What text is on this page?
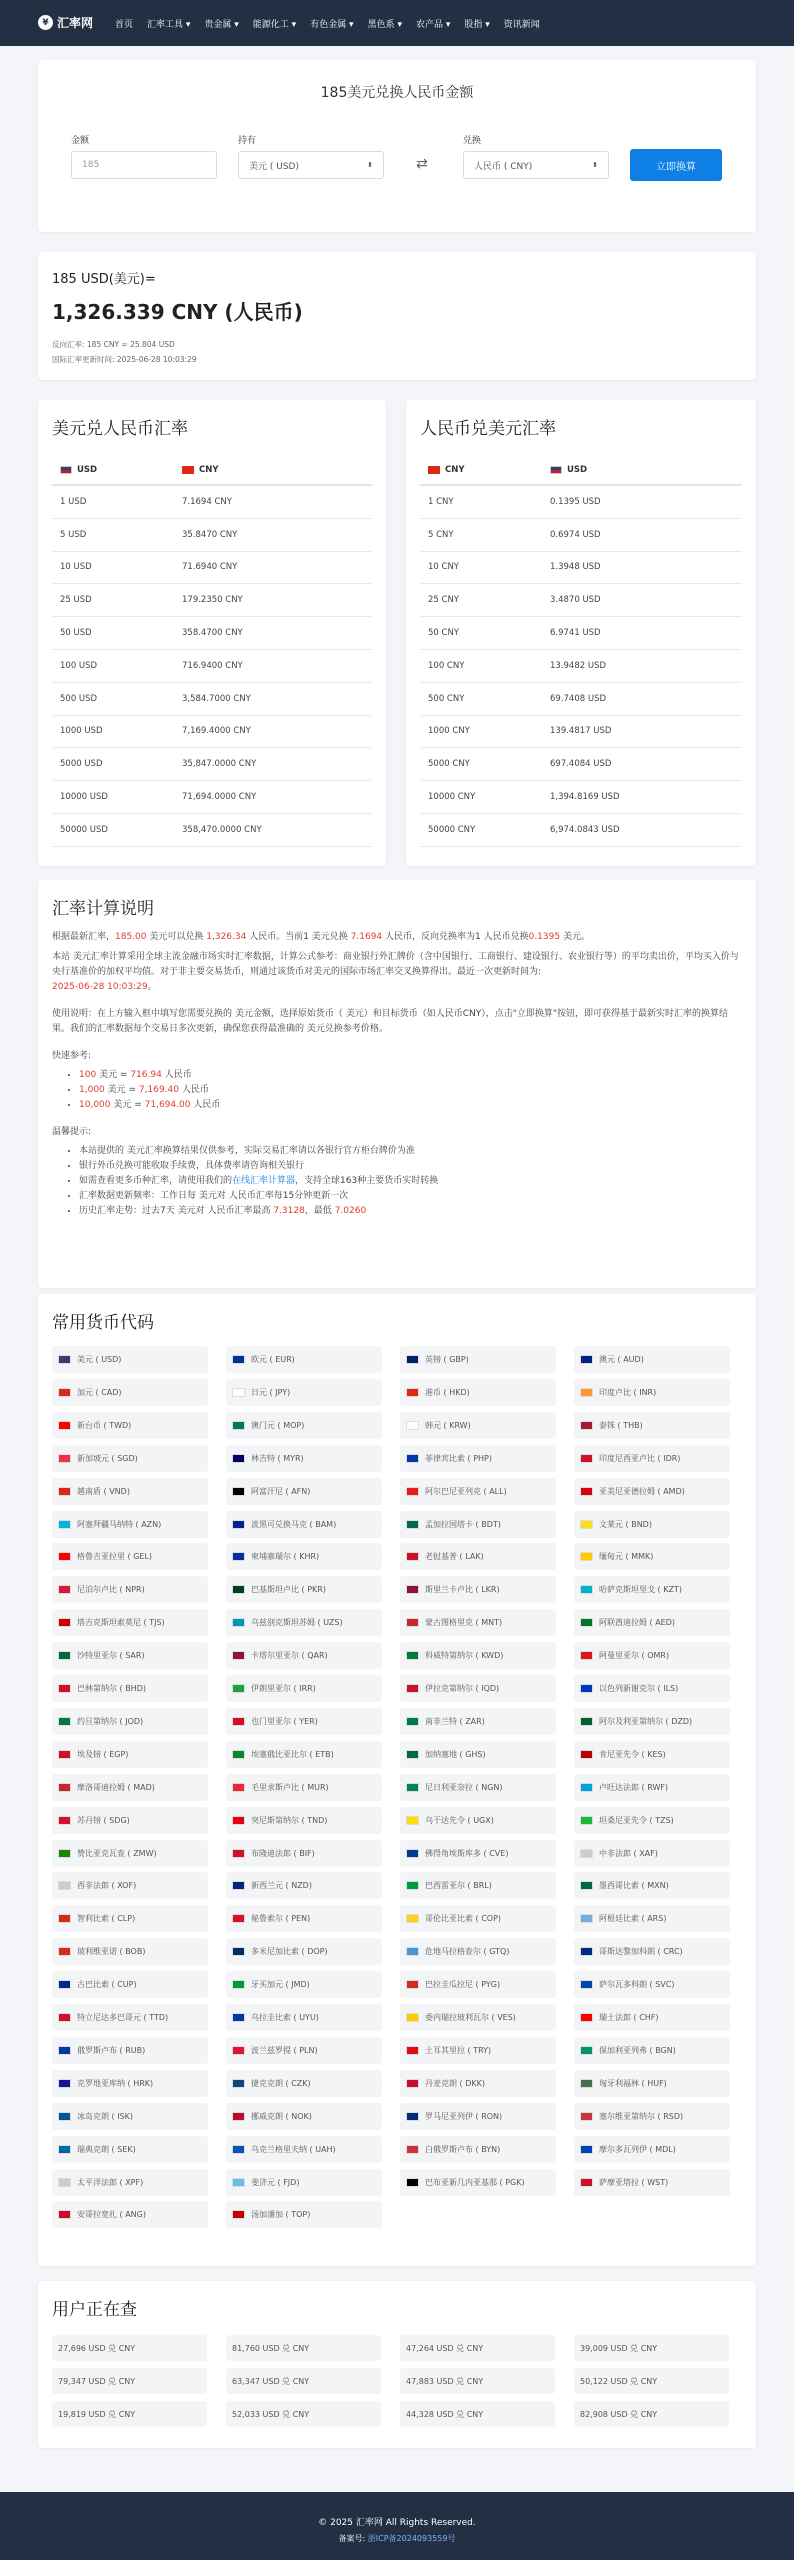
¥ 汇率网 首页 汇率工具 ▾ 贵金属 ▾ 能源化工 ▾ 有色金属 ▾ 黑色系 ▾ 农产品 ▾ 股指 ▾ 资讯新闻
185美元兑换人民币金额
金额
185
持有
美元 ( USD)	⬍	⇄
兑换
人民币 ( CNY)	⬍	立即换算
185 USD(美元)=
1,326.339 CNY (人民币)
反向汇率: 185 CNY = 25.804 USD
国际汇率更新时间: 2025-06-28 10:03:29
美元兑人民币汇率
USD	CNY
1 USD	7.1694 CNY
5 USD	35.8470 CNY
10 USD	71.6940 CNY
25 USD	179.2350 CNY
50 USD	358.4700 CNY
100 USD	716.9400 CNY
500 USD	3,584.7000 CNY
1000 USD	7,169.4000 CNY
5000 USD	35,847.0000 CNY
10000 USD	71,694.0000 CNY
50000 USD	358,470.0000 CNY
人民币兑美元汇率
CNY	USD
1 CNY	0.1395 USD
5 CNY	0.6974 USD
10 CNY	1.3948 USD
25 CNY	3.4870 USD
50 CNY	6.9741 USD
100 CNY	13.9482 USD
500 CNY	69.7408 USD
1000 CNY	139.4817 USD
5000 CNY	697.4084 USD
10000 CNY	1,394.8169 USD
50000 CNY	6,974.0843 USD
汇率计算说明

根据最新汇率，185.00 美元可以兑换 1,326.34 人民币。当前1 美元兑换 7.1694 人民币，反向兑换率为1 人民币兑换0.1395 美元。

本站 美元汇率计算采用全球主流金融市场实时汇率数据，计算公式参考：商业银行外汇牌价（含中国银行、工商银行、建设银行、农业银行等）的平均卖出价，平均买入价与央行基准价的加权平均值。对于非主要交易货币，则通过该货币对美元的国际市场汇率交叉换算得出。最近一次更新时间为:
2025-06-28 10:03:29。

使用说明：在上方输入框中填写您需要兑换的 美元金额，选择原始货币（ 美元）和目标货币（如人民币CNY），点击"立即换算"按钮，即可获得基于最新实时汇率的换算结果。我们的汇率数据每个交易日多次更新，确保您获得最准确的 美元兑换参考价格。

快速参考:

• 100 美元 = 716.94 人民币
• 1,000 美元 = 7,169.40 人民币
• 10,000 美元 = 71,694.00 人民币

温馨提示:

• 本站提供的 美元汇率换算结果仅供参考，实际交易汇率请以各银行官方柜台牌价为准
• 银行外币兑换可能收取手续费，具体费率请咨询相关银行
• 如需查看更多币种汇率，请使用我们的在线汇率计算器，支持全球163种主要货币实时转换
• 汇率数据更新频率：工作日每 美元对 人民币汇率每15分钟更新一次
• 历史汇率走势：过去7天 美元对 人民币汇率最高 7.3128，最低 7.0260
常用货币代码
美元 ( USD)	欧元 ( EUR)	英镑 ( GBP)	澳元 ( AUD)
加元 ( CAD)	日元 ( JPY)	港币 ( HKD)	印度卢比 ( INR)
新台币 ( TWD)	澳门元 ( MOP)	韩元 ( KRW)	泰铢 ( THB)
新加坡元 ( SGD)	林吉特 ( MYR)	菲律宾比索 ( PHP)	印度尼西亚卢比 ( IDR)
越南盾 ( VND)	阿富汗尼 ( AFN)	阿尔巴尼亚列克 ( ALL)	亚美尼亚德拉姆 ( AMD)
阿塞拜疆马纳特 ( AZN)	波黑可兑换马克 ( BAM)	孟加拉国塔卡 ( BDT)	文莱元 ( BND)
格鲁吉亚拉里 ( GEL)	柬埔寨瑞尔 ( KHR)	老挝基普 ( LAK)	缅甸元 ( MMK)
尼泊尔卢比 ( NPR)	巴基斯坦卢比 ( PKR)	斯里兰卡卢比 ( LKR)	哈萨克斯坦坚戈 ( KZT)
塔吉克斯坦索莫尼 ( TJS)	乌兹别克斯坦苏姆 ( UZS)	蒙古图格里克 ( MNT)	阿联酋迪拉姆 ( AED)
沙特里亚尔 ( SAR)	卡塔尔里亚尔 ( QAR)	科威特第纳尔 ( KWD)	阿曼里亚尔 ( OMR)
巴林第纳尔 ( BHD)	伊朗里亚尔 ( IRR)	伊拉克第纳尔 ( IQD)	以色列新谢克尔 ( ILS)
约旦第纳尔 ( JOD)	也门里亚尔 ( YER)	南非兰特 ( ZAR)	阿尔及利亚第纳尔 ( DZD)
埃及镑 ( EGP)	埃塞俄比亚比尔 ( ETB)	加纳塞地 ( GHS)	肯尼亚先令 ( KES)
摩洛哥迪拉姆 ( MAD)	毛里求斯卢比 ( MUR)	尼日利亚奈拉 ( NGN)	卢旺达法郎 ( RWF)
苏丹镑 ( SDG)	突尼斯第纳尔 ( TND)	乌干达先令 ( UGX)	坦桑尼亚先令 ( TZS)
赞比亚克瓦查 ( ZMW)	布隆迪法郎 ( BIF)	佛得角埃斯库多 ( CVE)	中非法郎 ( XAF)
西非法郎 ( XOF)	新西兰元 ( NZD)	巴西雷亚尔 ( BRL)	墨西哥比索 ( MXN)
智利比索 ( CLP)	秘鲁索尔 ( PEN)	哥伦比亚比索 ( COP)	阿根廷比索 ( ARS)
玻利维亚诺 ( BOB)	多米尼加比索 ( DOP)	危地马拉格查尔 ( GTQ)	哥斯达黎加科朗 ( CRC)
古巴比索 ( CUP)	牙买加元 ( JMD)	巴拉圭瓜拉尼 ( PYG)	萨尔瓦多科朗 ( SVC)
特立尼达多巴哥元 ( TTD)	乌拉圭比索 ( UYU)	委内瑞拉玻利瓦尔 ( VES)	瑞士法郎 ( CHF)
俄罗斯卢布 ( RUB)	波兰兹罗提 ( PLN)	土耳其里拉 ( TRY)	保加利亚列弗 ( BGN)
克罗地亚库纳 ( HRK)	捷克克朗 ( CZK)	丹麦克朗 ( DKK)	匈牙利福林 ( HUF)
冰岛克朗 ( ISK)	挪威克朗 ( NOK)	罗马尼亚列伊 ( RON)	塞尔维亚第纳尔 ( RSD)
瑞典克朗 ( SEK)	乌克兰格里夫纳 ( UAH)	白俄罗斯卢布 ( BYN)	摩尔多瓦列伊 ( MDL)
太平洋法郎 ( XPF)	斐济元 ( FJD)	巴布亚新几内亚基那 ( PGK)	萨摩亚塔拉 ( WST)
安哥拉宽扎 ( ANG)	汤加潘加 ( TOP)
用户正在查
27,696 USD 兑 CNY	81,760 USD 兑 CNY	47,264 USD 兑 CNY	39,009 USD 兑 CNY
79,347 USD 兑 CNY	63,347 USD 兑 CNY	47,883 USD 兑 CNY	50,122 USD 兑 CNY
19,819 USD 兑 CNY	52,033 USD 兑 CNY	44,328 USD 兑 CNY	82,908 USD 兑 CNY
© 2025 汇率网 All Rights Reserved.
备案号: 浙ICP备2024093559号
